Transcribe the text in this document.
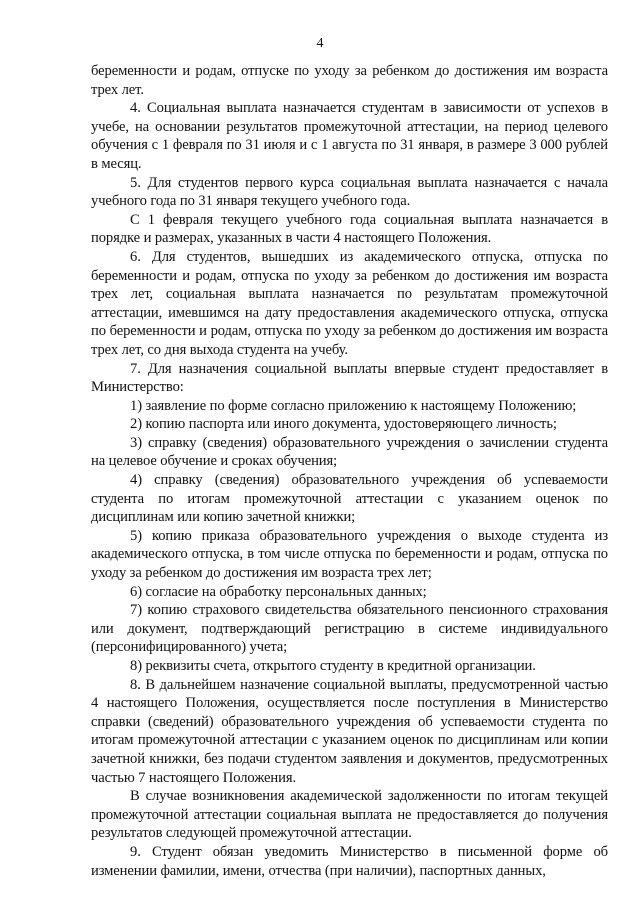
4

беременности и родам, отпуске по уходу за ребенком до достижения им возраста трех лет.

4. Социальная выплата назначается студентам в зависимости от успехов в учебе, на основании результатов промежуточной аттестации, на период целевого обучения с 1 февраля по 31 июля и с 1 августа по 31 января, в размере 3 000 рублей в месяц.

5. Для студентов первого курса социальная выплата назначается с начала учебного года по 31 января текущего учебного года.

С 1 февраля текущего учебного года социальная выплата назначается в порядке и размерах, указанных в части 4 настоящего Положения.

6. Для студентов, вышедших из академического отпуска, отпуска по беременности и родам, отпуска по уходу за ребенком до достижения им возраста трех лет, социальная выплата назначается по результатам промежуточной аттестации, имевшимся на дату предоставления академического отпуска, отпуска по беременности и родам, отпуска по уходу за ребенком до достижения им возраста трех лет, со дня выхода студента на учебу.

7. Для назначения социальной выплаты впервые студент предоставляет в Министерство:

1) заявление по форме согласно приложению к настоящему Положению;

2) копию паспорта или иного документа, удостоверяющего личность;

3) справку (сведения) образовательного учреждения о зачислении студента на целевое обучение и сроках обучения;

4) справку (сведения) образовательного учреждения об успеваемости студента по итогам промежуточной аттестации с указанием оценок по дисциплинам или копию зачетной книжки;

5) копию приказа образовательного учреждения о выходе студента из академического отпуска, в том числе отпуска по беременности и родам, отпуска по уходу за ребенком до достижения им возраста трех лет;

6) согласие на обработку персональных данных;

7) копию страхового свидетельства обязательного пенсионного страхования или документ, подтверждающий регистрацию в системе индивидуального (персонифицированного) учета;

8) реквизиты счета, открытого студенту в кредитной организации.

8. В дальнейшем назначение социальной выплаты, предусмотренной частью 4 настоящего Положения, осуществляется после поступления в Министерство справки (сведений) образовательного учреждения об успеваемости студента по итогам промежуточной аттестации с указанием оценок по дисциплинам или копии зачетной книжки, без подачи студентом заявления и документов, предусмотренных частью 7 настоящего Положения.

В случае возникновения академической задолженности по итогам текущей промежуточной аттестации социальная выплата не предоставляется до получения результатов следующей промежуточной аттестации.

9. Студент обязан уведомить Министерство в письменной форме об изменении фамилии, имени, отчества (при наличии), паспортных данных,
